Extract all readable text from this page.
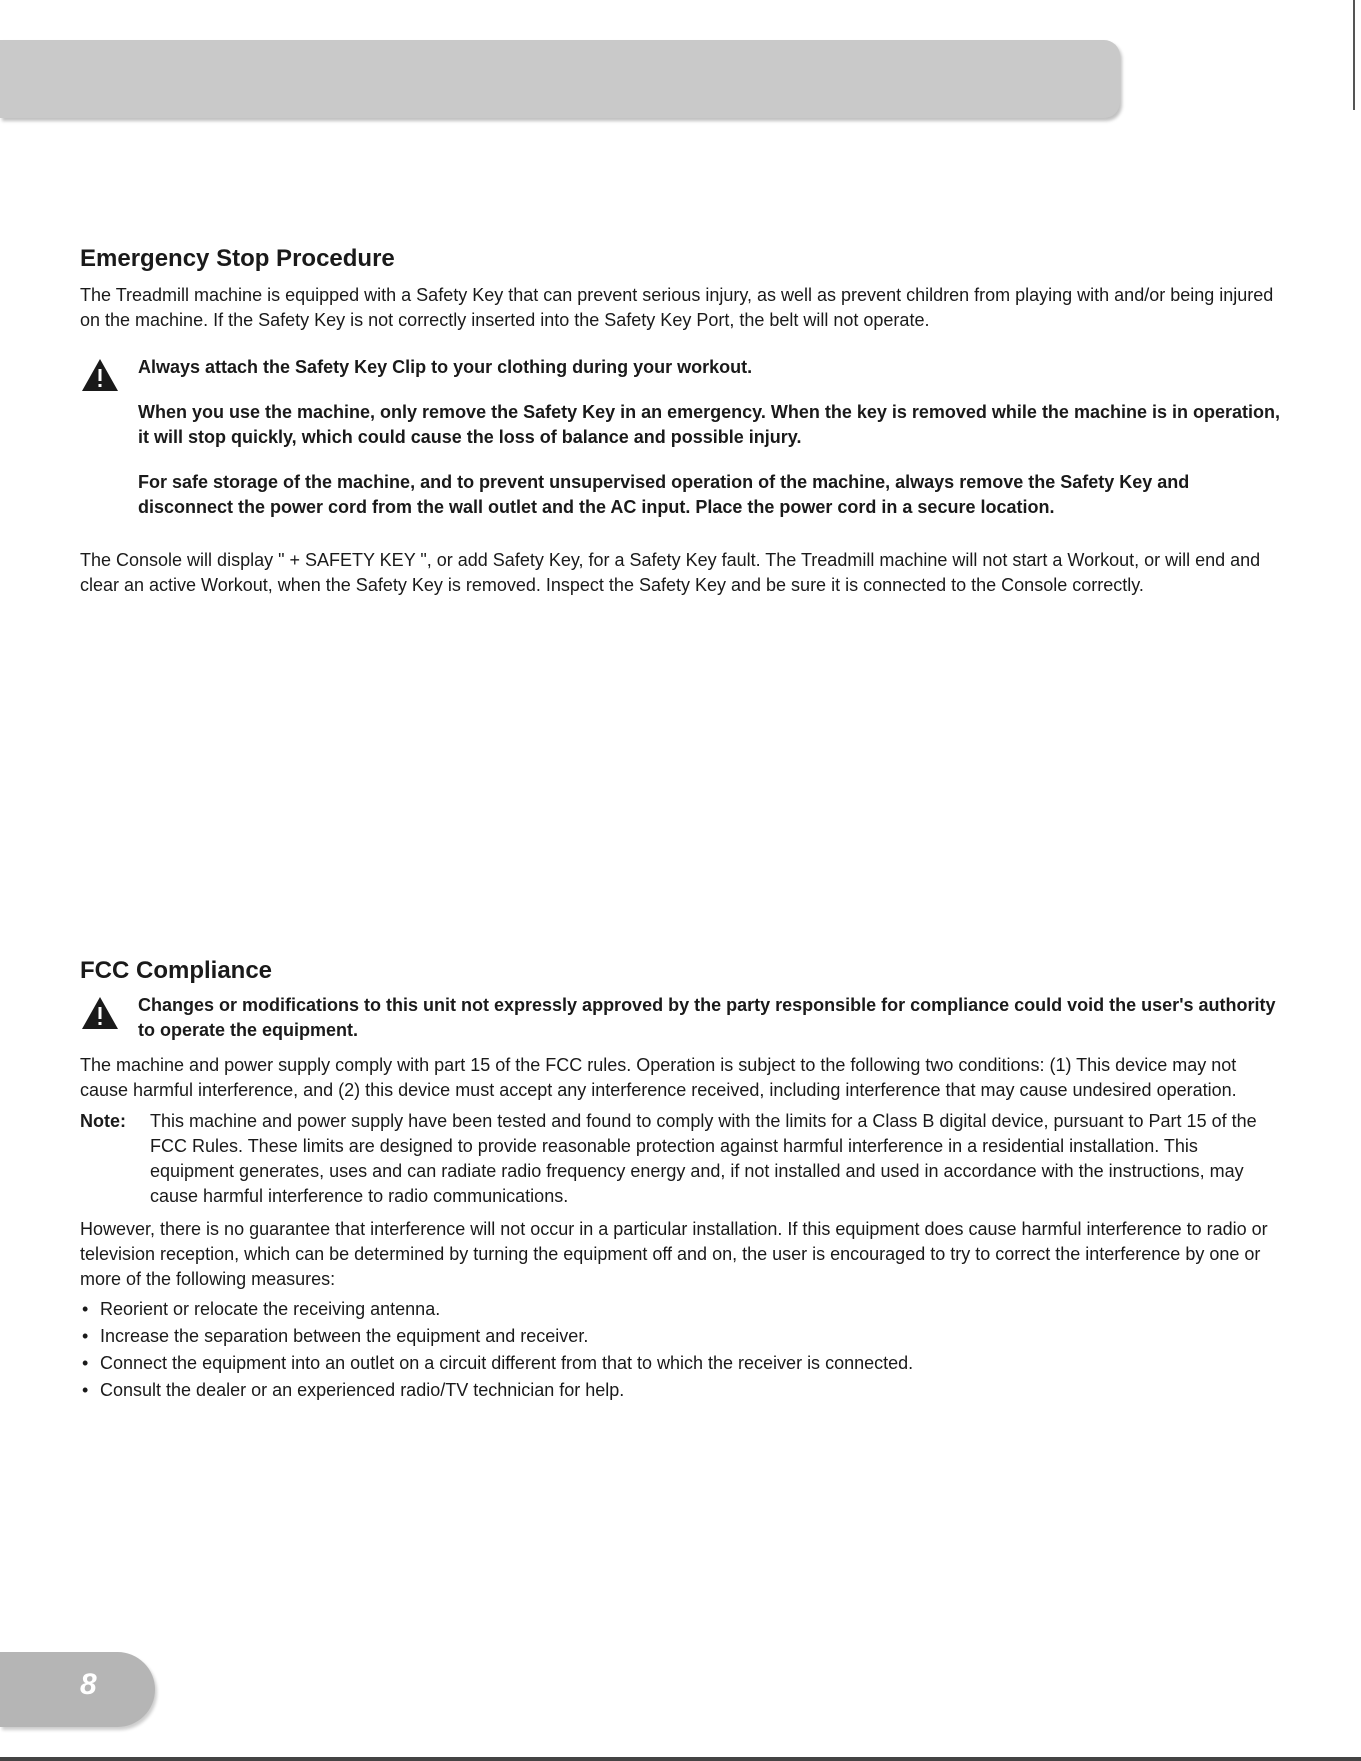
Emergency Stop Procedure

The Treadmill machine is equipped with a Safety Key that can prevent serious injury, as well as prevent children from playing with and/or being injured on the machine. If the Safety Key is not correctly inserted into the Safety Key Port, the belt will not operate.

Always attach the Safety Key Clip to your clothing during your workout.

When you use the machine, only remove the Safety Key in an emergency. When the key is removed while the machine is in operation, it will stop quickly, which could cause the loss of balance and possible injury.

For safe storage of the machine, and to prevent unsupervised operation of the machine, always remove the Safety Key and disconnect the power cord from the wall outlet and the AC input. Place the power cord in a secure location.

The Console will display " + SAFETY KEY ", or add Safety Key, for a Safety Key fault. The Treadmill machine will not start a Workout, or will end and clear an active Workout, when the Safety Key is removed. Inspect the Safety Key and be sure it is connected to the Console correctly.

FCC Compliance

Changes or modifications to this unit not expressly approved by the party responsible for compliance could void the user's authority to operate the equipment.

The machine and power supply comply with part 15 of the FCC rules. Operation is subject to the following two conditions: (1) This device may not cause harmful interference, and (2) this device must accept any interference received, including interference that may cause undesired operation.

Note: This machine and power supply have been tested and found to comply with the limits for a Class B digital device, pursuant to Part 15 of the FCC Rules. These limits are designed to provide reasonable protection against harmful interference in a residential installation. This equipment generates, uses and can radiate radio frequency energy and, if not installed and used in accordance with the instructions, may cause harmful interference to radio communications.

However, there is no guarantee that interference will not occur in a particular installation. If this equipment does cause harmful interference to radio or television reception, which can be determined by turning the equipment off and on, the user is encouraged to try to correct the interference by one or more of the following measures:

• Reorient or relocate the receiving antenna.
• Increase the separation between the equipment and receiver.
• Connect the equipment into an outlet on a circuit different from that to which the receiver is connected.
• Consult the dealer or an experienced radio/TV technician for help.
8
